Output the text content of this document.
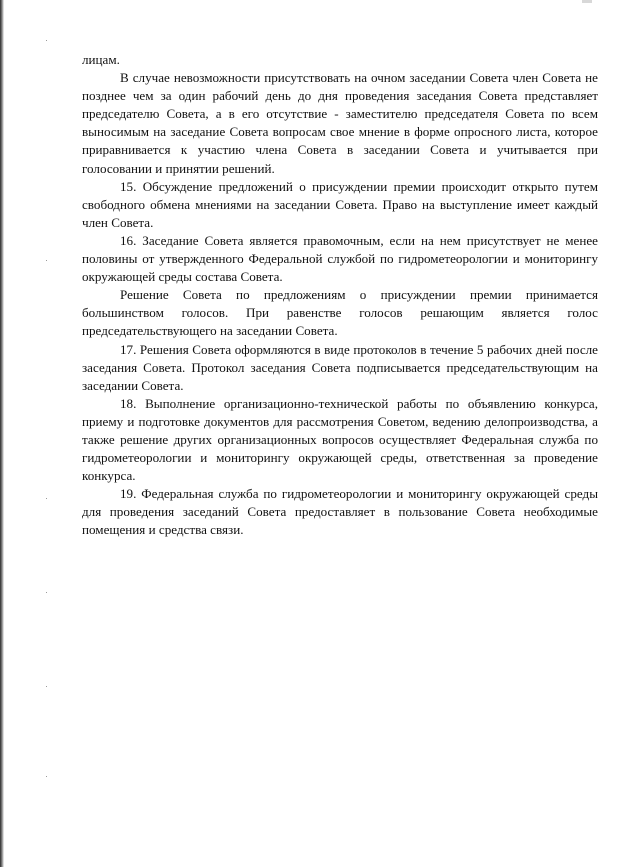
лицам.

В случае невозможности присутствовать на очном заседании Совета член Совета не позднее чем за один рабочий день до дня проведения заседания Совета представляет председателю Совета, а в его отсутствие - заместителю председателя Совета по всем выносимым на заседание Совета вопросам свое мнение в форме опросного листа, которое приравнивается к участию члена Совета в заседании Совета и учитывается при голосовании и принятии решений.

15. Обсуждение предложений о присуждении премии происходит открыто путем свободного обмена мнениями на заседании Совета. Право на выступление имеет каждый член Совета.

16. Заседание Совета является правомочным, если на нем присутствует не менее половины от утвержденного Федеральной службой по гидрометеорологии и мониторингу окружающей среды состава Совета.

Решение Совета по предложениям о присуждении премии принимается большинством голосов. При равенстве голосов решающим является голос председательствующего на заседании Совета.

17. Решения Совета оформляются в виде протоколов в течение 5 рабочих дней после заседания Совета. Протокол заседания Совета подписывается председательствующим на заседании Совета.

18. Выполнение организационно-технической работы по объявлению конкурса, приему и подготовке документов для рассмотрения Советом, ведению делопроизводства, а также решение других организационных вопросов осуществляет Федеральная служба по гидрометеорологии и мониторингу окружающей среды, ответственная за проведение конкурса.

19. Федеральная служба по гидрометеорологии и мониторингу окружающей среды для проведения заседаний Совета предоставляет в пользование Совета необходимые помещения и средства связи.
